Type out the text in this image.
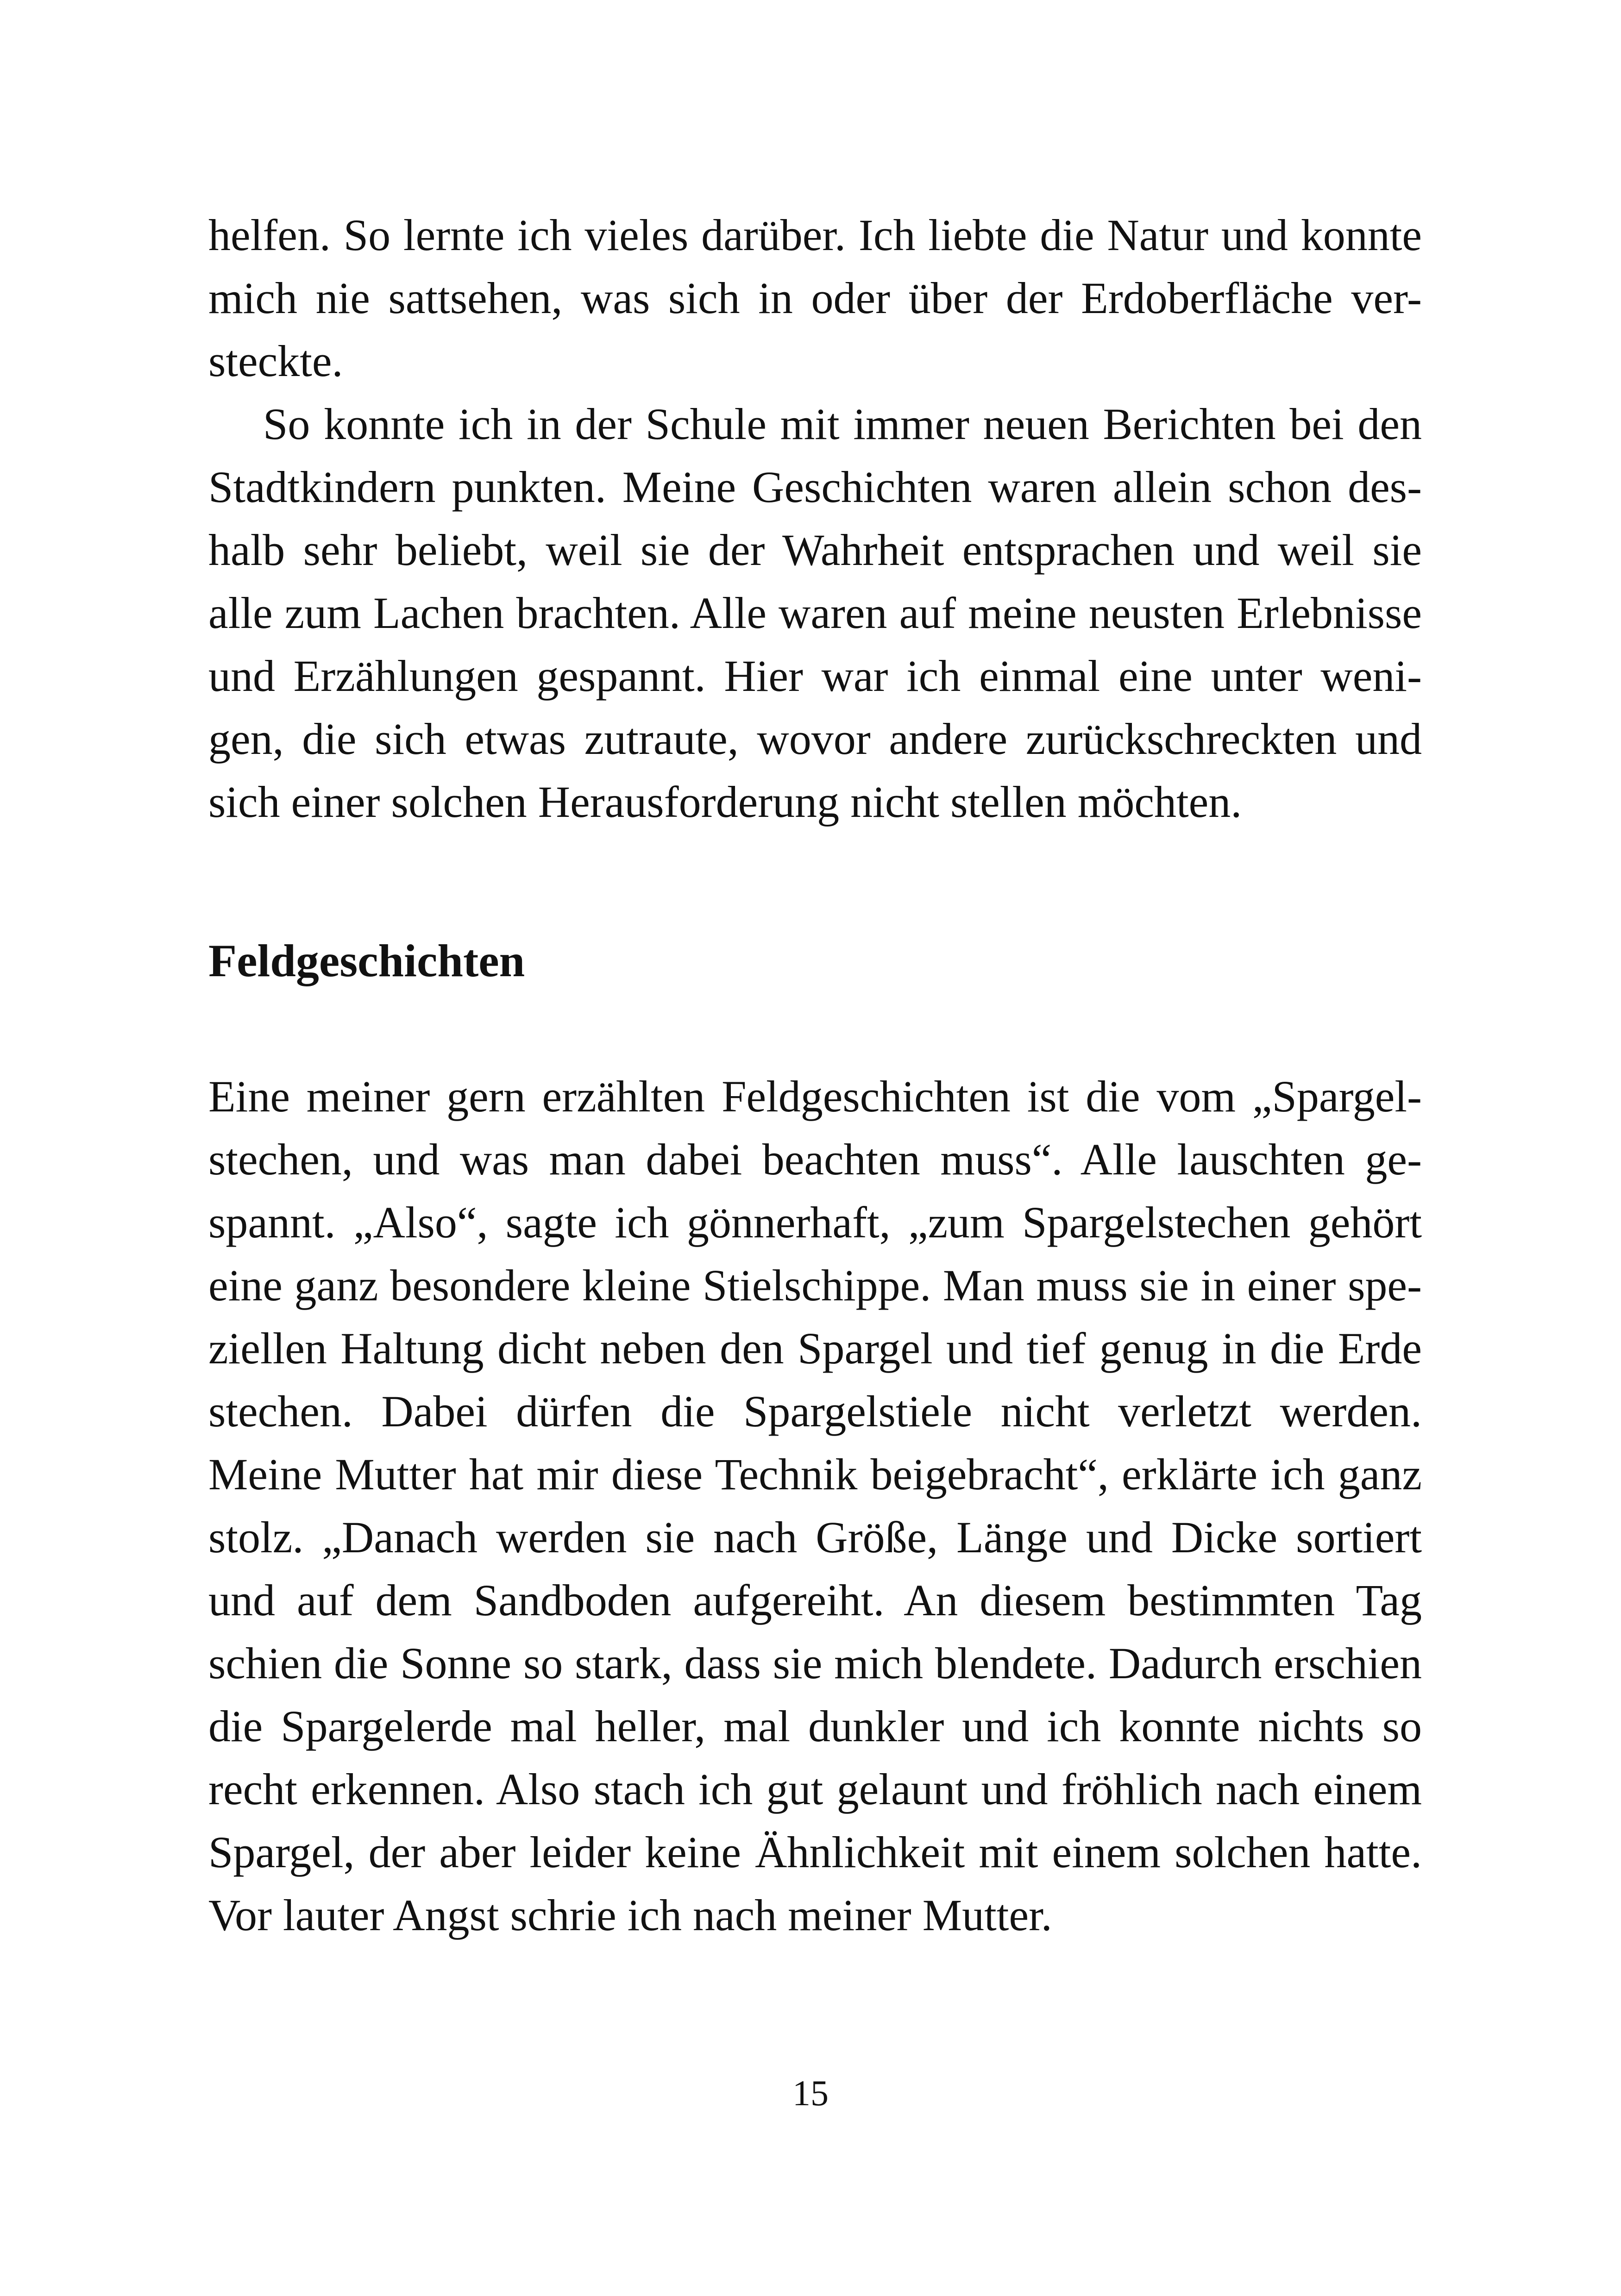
helfen. So lernte ich vieles darüber. Ich liebte die Natur und konnte
mich nie sattsehen, was sich in oder über der Erdoberfläche ver-
steckte.
So konnte ich in der Schule mit immer neuen Berichten bei den
Stadtkindern punkten. Meine Geschichten waren allein schon des-
halb sehr beliebt, weil sie der Wahrheit entsprachen und weil sie
alle zum Lachen brachten. Alle waren auf meine neusten Erlebnisse
und Erzählungen gespannt. Hier war ich einmal eine unter weni-
gen, die sich etwas zutraute, wovor andere zurückschreckten und
sich einer solchen Herausforderung nicht stellen möchten.
Feldgeschichten
Eine meiner gern erzählten Feldgeschichten ist die vom „Spargel-
stechen, und was man dabei beachten muss“. Alle lauschten ge-
spannt. „Also“, sagte ich gönnerhaft, „zum Spargelstechen gehört
eine ganz besondere kleine Stielschippe. Man muss sie in einer spe-
ziellen Haltung dicht neben den Spargel und tief genug in die Erde
stechen. Dabei dürfen die Spargelstiele nicht verletzt werden.
Meine Mutter hat mir diese Technik beigebracht“, erklärte ich ganz
stolz. „Danach werden sie nach Größe, Länge und Dicke sortiert
und auf dem Sandboden aufgereiht. An diesem bestimmten Tag
schien die Sonne so stark, dass sie mich blendete. Dadurch erschien
die Spargelerde mal heller, mal dunkler und ich konnte nichts so
recht erkennen. Also stach ich gut gelaunt und fröhlich nach einem
Spargel, der aber leider keine Ähnlichkeit mit einem solchen hatte.
Vor lauter Angst schrie ich nach meiner Mutter.
15
